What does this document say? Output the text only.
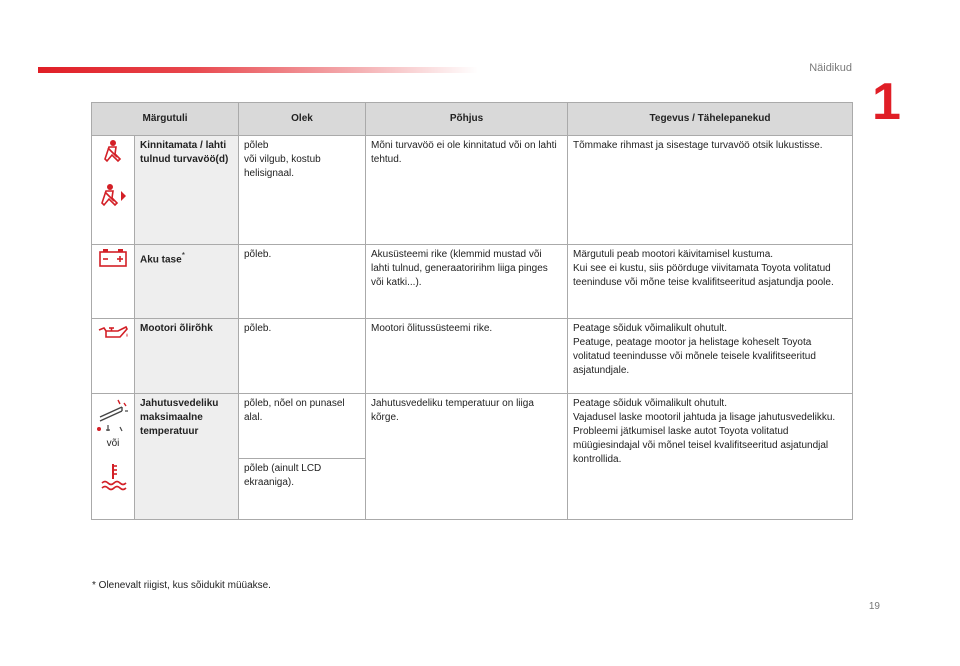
Näidikud
1
Märgutuli		Olek	Põhjus	Tegevus / Tähelepanekud

	Kinnitamata / lahti tulnud turvavöö(d)	põleb
või vilgub, kostub helisignaal.	Mõni turvavöö ei ole kinnitatud või on lahti tehtud.	Tõmmake rihmast ja sisestage turvavöö otsik lukustisse.

	Aku tase*	põleb.	Akusüsteemi rike (klemmid mustad või lahti tulnud, generaatoririhm liiga pinges või katki...).	Märgutuli peab mootori käivitamisel kustuma.
Kui see ei kustu, siis pöörduge viivitamata Toyota volitatud teeninduse või mõne teise kvalifitseeritud asjatundja poole.

	Mootori õlirõhk	põleb.	Mootori õlitussüsteemi rike.	Peatage sõiduk võimalikult ohutult.
Peatuge, peatage mootor ja helistage koheselt Toyota volitatud teenindusse või mõnele teisele kvalifitseeritud asjatundjale.

või	Jahutusvedeliku maksimaalne temperatuur	põleb, nõel on punasel alal.	Jahutusvedeliku temperatuur on liiga kõrge.	Peatage sõiduk võimalikult ohutult.
Vajadusel laske mootoril jahtuda ja lisage jahutusvedelikku.
Probleemi jätkumisel laske autot Toyota volitatud müügiesindajal või mõnel teisel kvalifitseeritud asjatundjal kontrollida.
		põleb (ainult LCD ekraaniga).		
* Olenevalt riigist, kus sõidukit müüakse.
19
